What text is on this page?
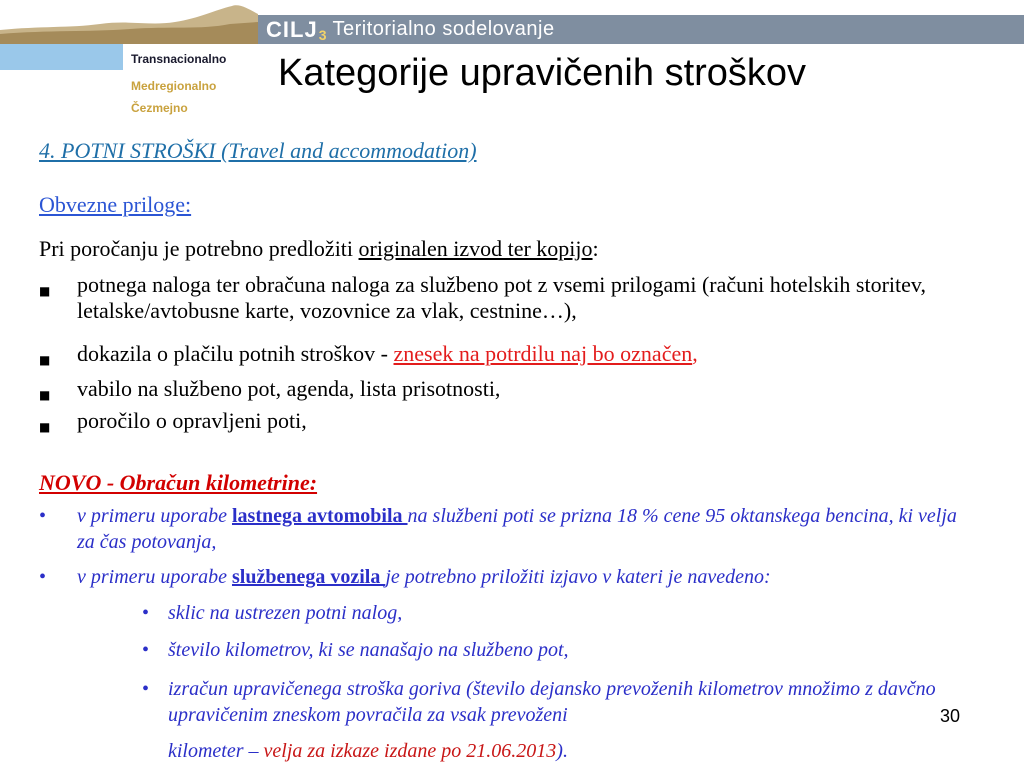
CILJ 3 Teritorialno sodelovanje
Transnacionalno
Medregionalno
Čezmejno
Kategorije upravičenih stroškov
4. POTNI STROŠKI (Travel and accommodation)
Obvezne priloge:
Pri poročanju je potrebno predložiti originalen izvod ter kopijo:
■ potnega naloga ter obračuna naloga za službeno pot z vsemi prilogami (računi hotelskih storitev, letalske/avtobusne karte, vozovnice za vlak, cestnine…),
■ dokazila o plačilu potnih stroškov - znesek na potrdilu naj bo označen,
■ vabilo na službeno pot, agenda, lista prisotnosti,
■ poročilo o opravljeni poti,
NOVO - Obračun kilometrine:
• v primeru uporabe lastnega avtomobila na službeni poti se prizna 18 % cene 95 oktanskega bencina, ki velja za čas potovanja,
• v primeru uporabe službenega vozila je potrebno priložiti izjavo v kateri je navedeno:
• sklic na ustrezen potni nalog,
• število kilometrov, ki se nanašajo na službeno pot,
• izračun upravičenega stroška goriva (število dejansko prevoženih kilometrov množimo z davčno upravičenim zneskom povračila za vsak prevoženi
kilometer – velja za izkaze izdane po 21.06.2013).
30
